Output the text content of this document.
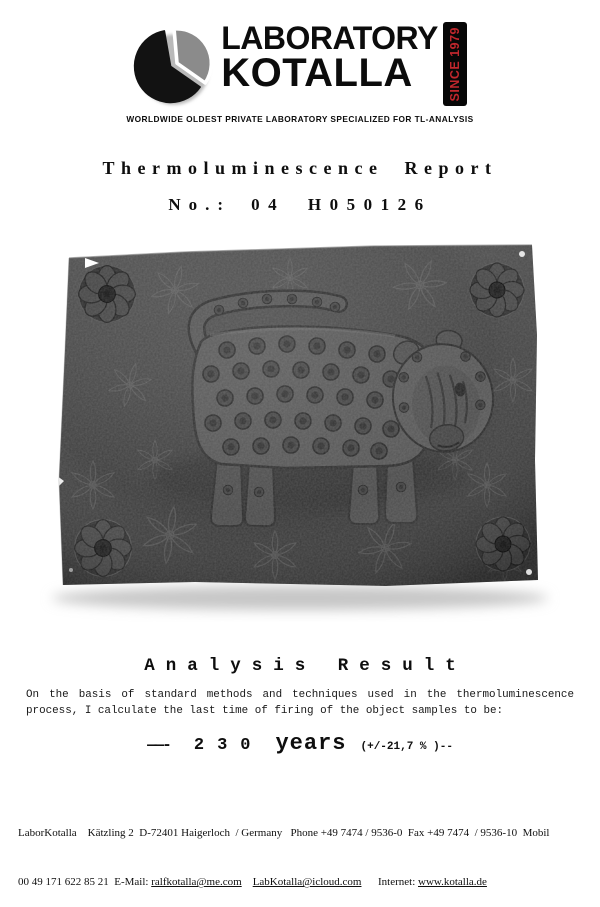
LABORATORY
KOTALLA	SINCE 1979
WORLDWIDE OLDEST PRIVATE LABORATORY SPECIALIZED FOR TL-ANALYSIS
Thermoluminescence Report
No.: 04 H050126
Analysis Result
On the basis of standard methods and techniques used in the thermoluminescence process, I calculate the last time of firing of the object samples to be:
——- 230 years (+/-21,7 % )--

LaborKotalla    Kätzling 2  D-72401 Haigerloch  / Germany   Phone +49 7474 / 9536-0  Fax +49 7474  / 9536-10  Mobil

00 49 171 622 85 21  E-Mail: ralfkotalla@me.com LabKotalla@icloud.com      Internet: www.kotalla.de
